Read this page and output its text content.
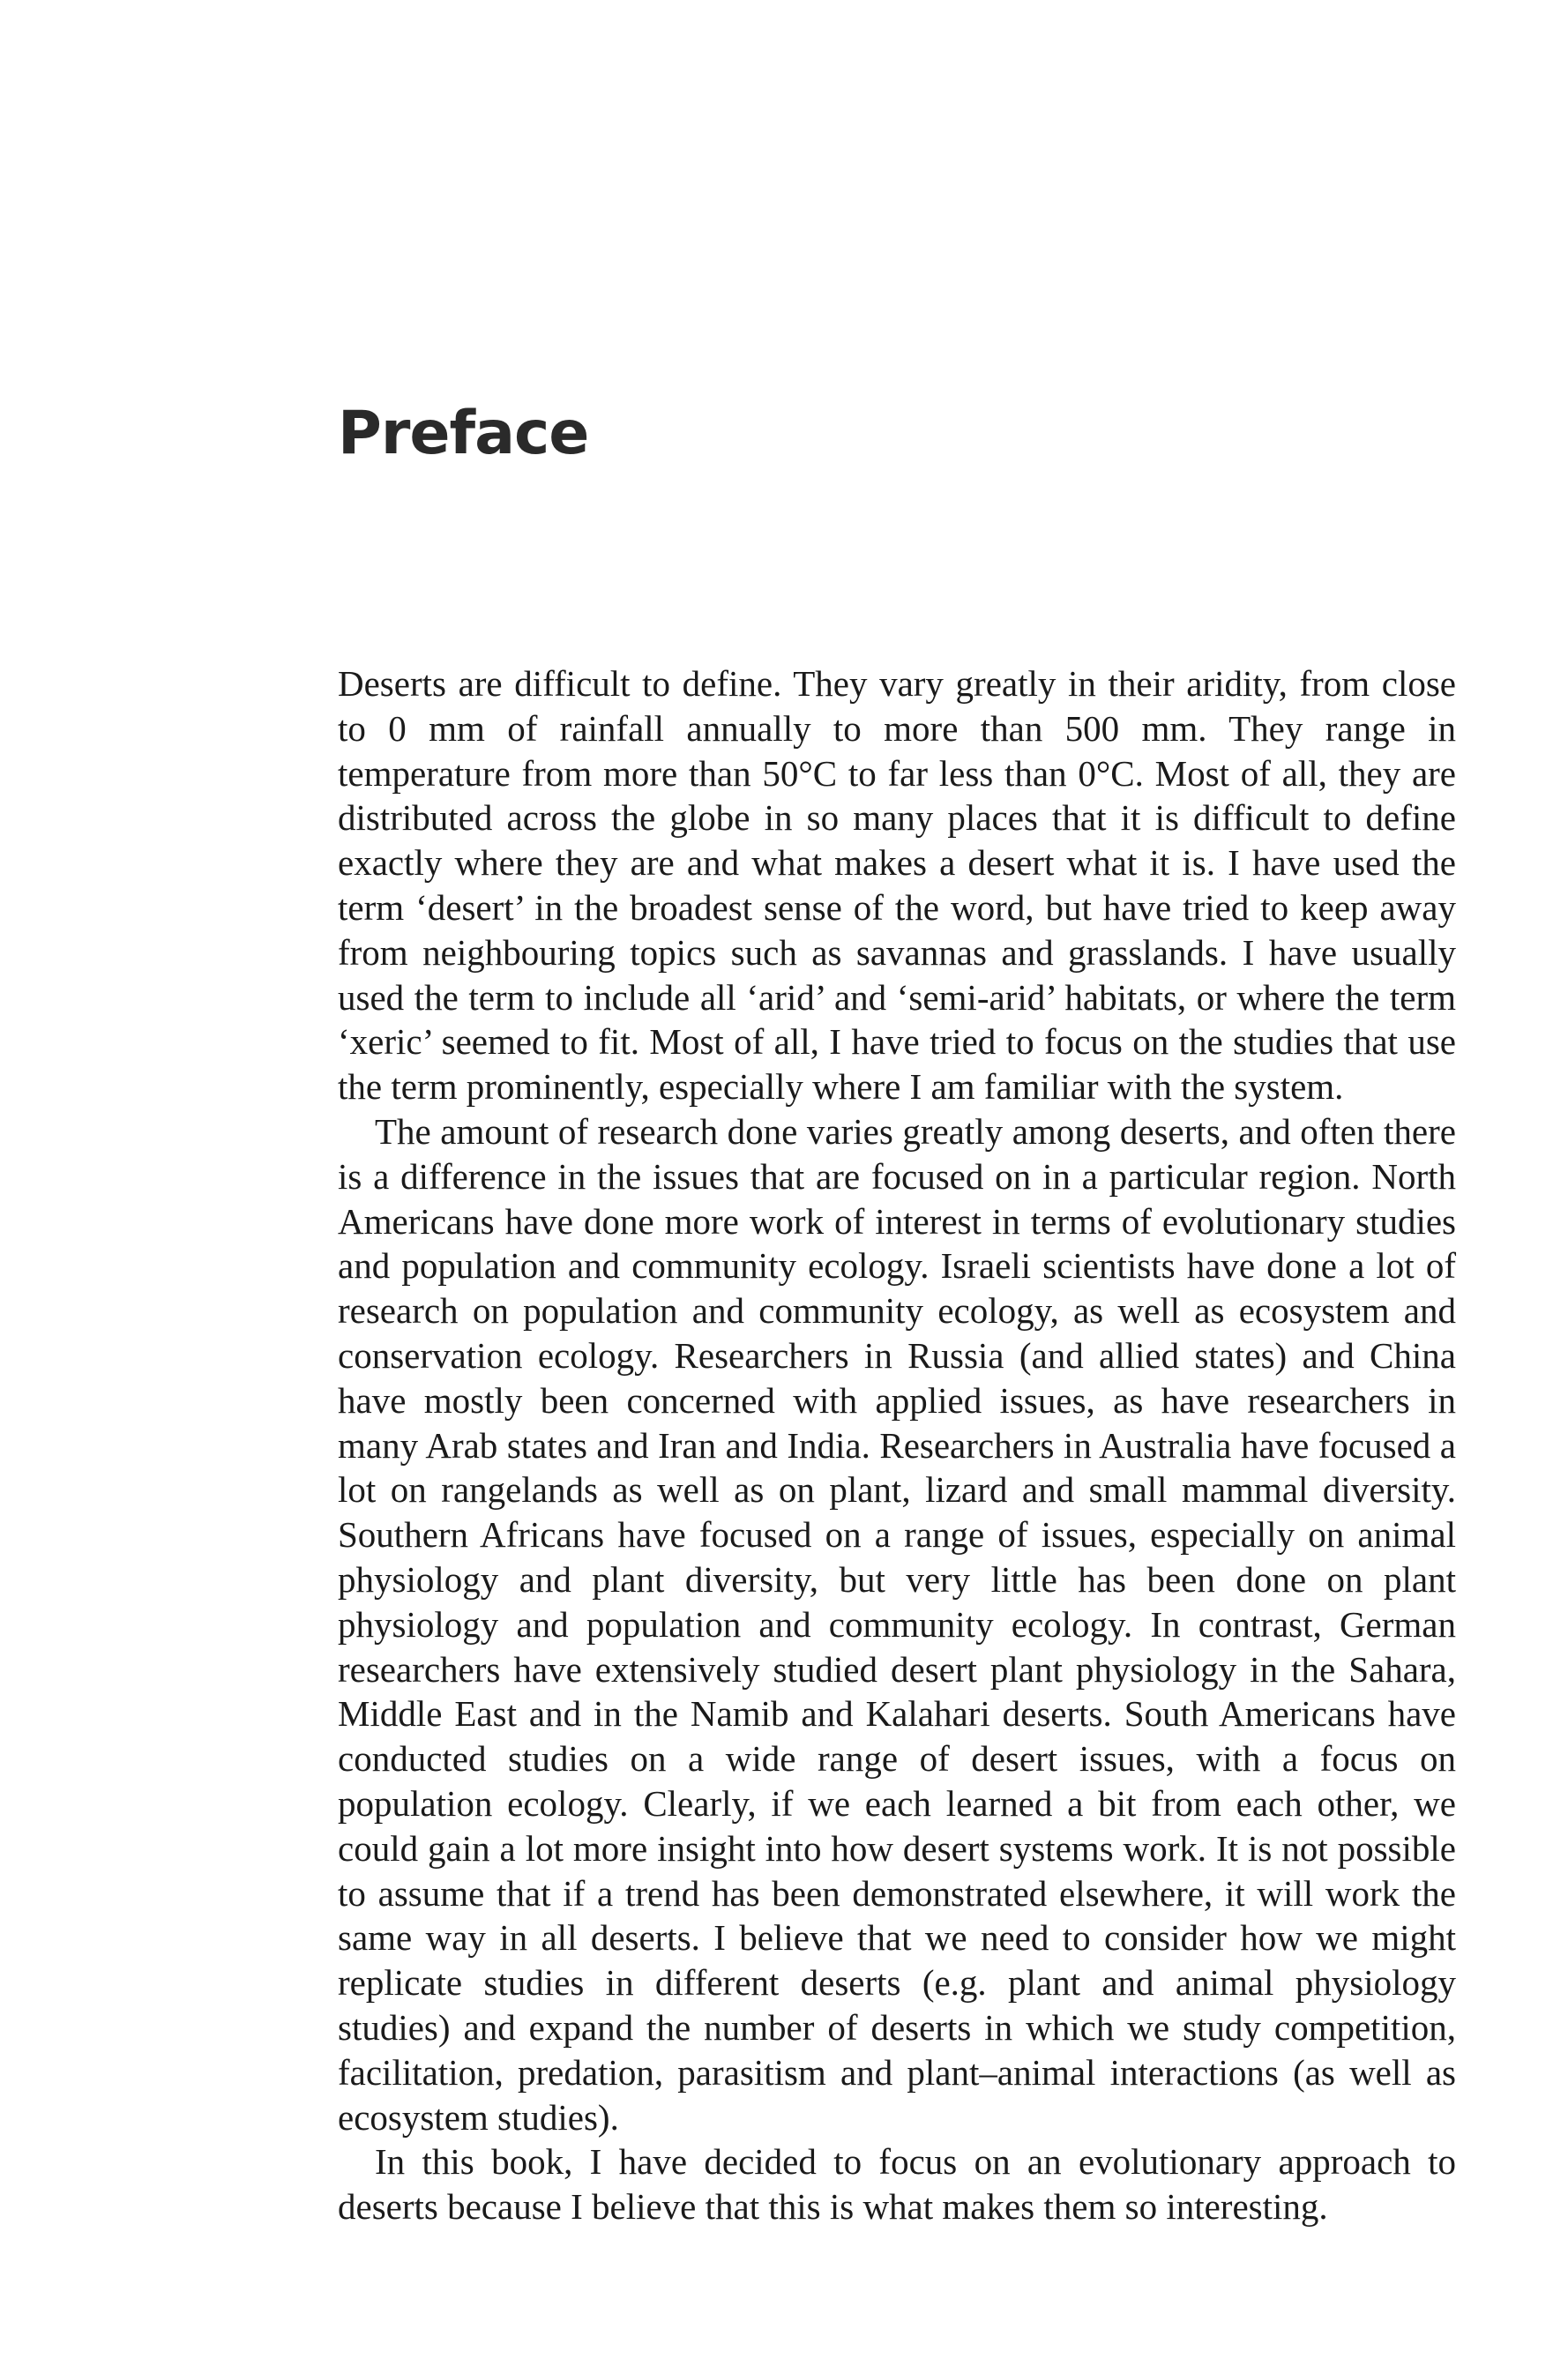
Preface

Deserts are difficult to define. They vary greatly in their aridity, from close to 0 mm of rainfall annually to more than 500 mm. They range in temperature from more than 50°C to far less than 0°C. Most of all, they are distributed across the globe in so many places that it is difficult to define exactly where they are and what makes a desert what it is. I have used the term ‘desert’ in the broadest sense of the word, but have tried to keep away from neighbouring topics such as savannas and grasslands. I have usually used the term to include all ‘arid’ and ‘semi-arid’ habitats, or where the term ‘xeric’ seemed to fit. Most of all, I have tried to focus on the studies that use the term prominently, especially where I am familiar with the system.

The amount of research done varies greatly among deserts, and often there is a difference in the issues that are focused on in a particular region. North Americans have done more work of interest in terms of evolutionary studies and population and community ecology. Israeli scientists have done a lot of research on population and community ecology, as well as ecosystem and conservation ecology. Researchers in Russia (and allied states) and China have mostly been concerned with applied issues, as have researchers in many Arab states and Iran and India. Researchers in Australia have focused a lot on rangelands as well as on plant, lizard and small mammal diversity. Southern Africans have focused on a range of issues, especially on animal physiology and plant diversity, but very little has been done on plant physiology and population and community ecology. In contrast, German researchers have extensively studied desert plant physiology in the Sahara, Middle East and in the Namib and Kalahari deserts. South Americans have conducted studies on a wide range of desert issues, with a focus on population ecology. Clearly, if we each learned a bit from each other, we could gain a lot more insight into how desert systems work. It is not possible to assume that if a trend has been demonstrated elsewhere, it will work the same way in all deserts. I believe that we need to consider how we might replicate studies in different deserts (e.g. plant and animal physiology studies) and expand the number of deserts in which we study competition, facilitation, predation, parasitism and plant–animal interactions (as well as ecosystem studies).

In this book, I have decided to focus on an evolutionary approach to deserts because I believe that this is what makes them so interesting.
